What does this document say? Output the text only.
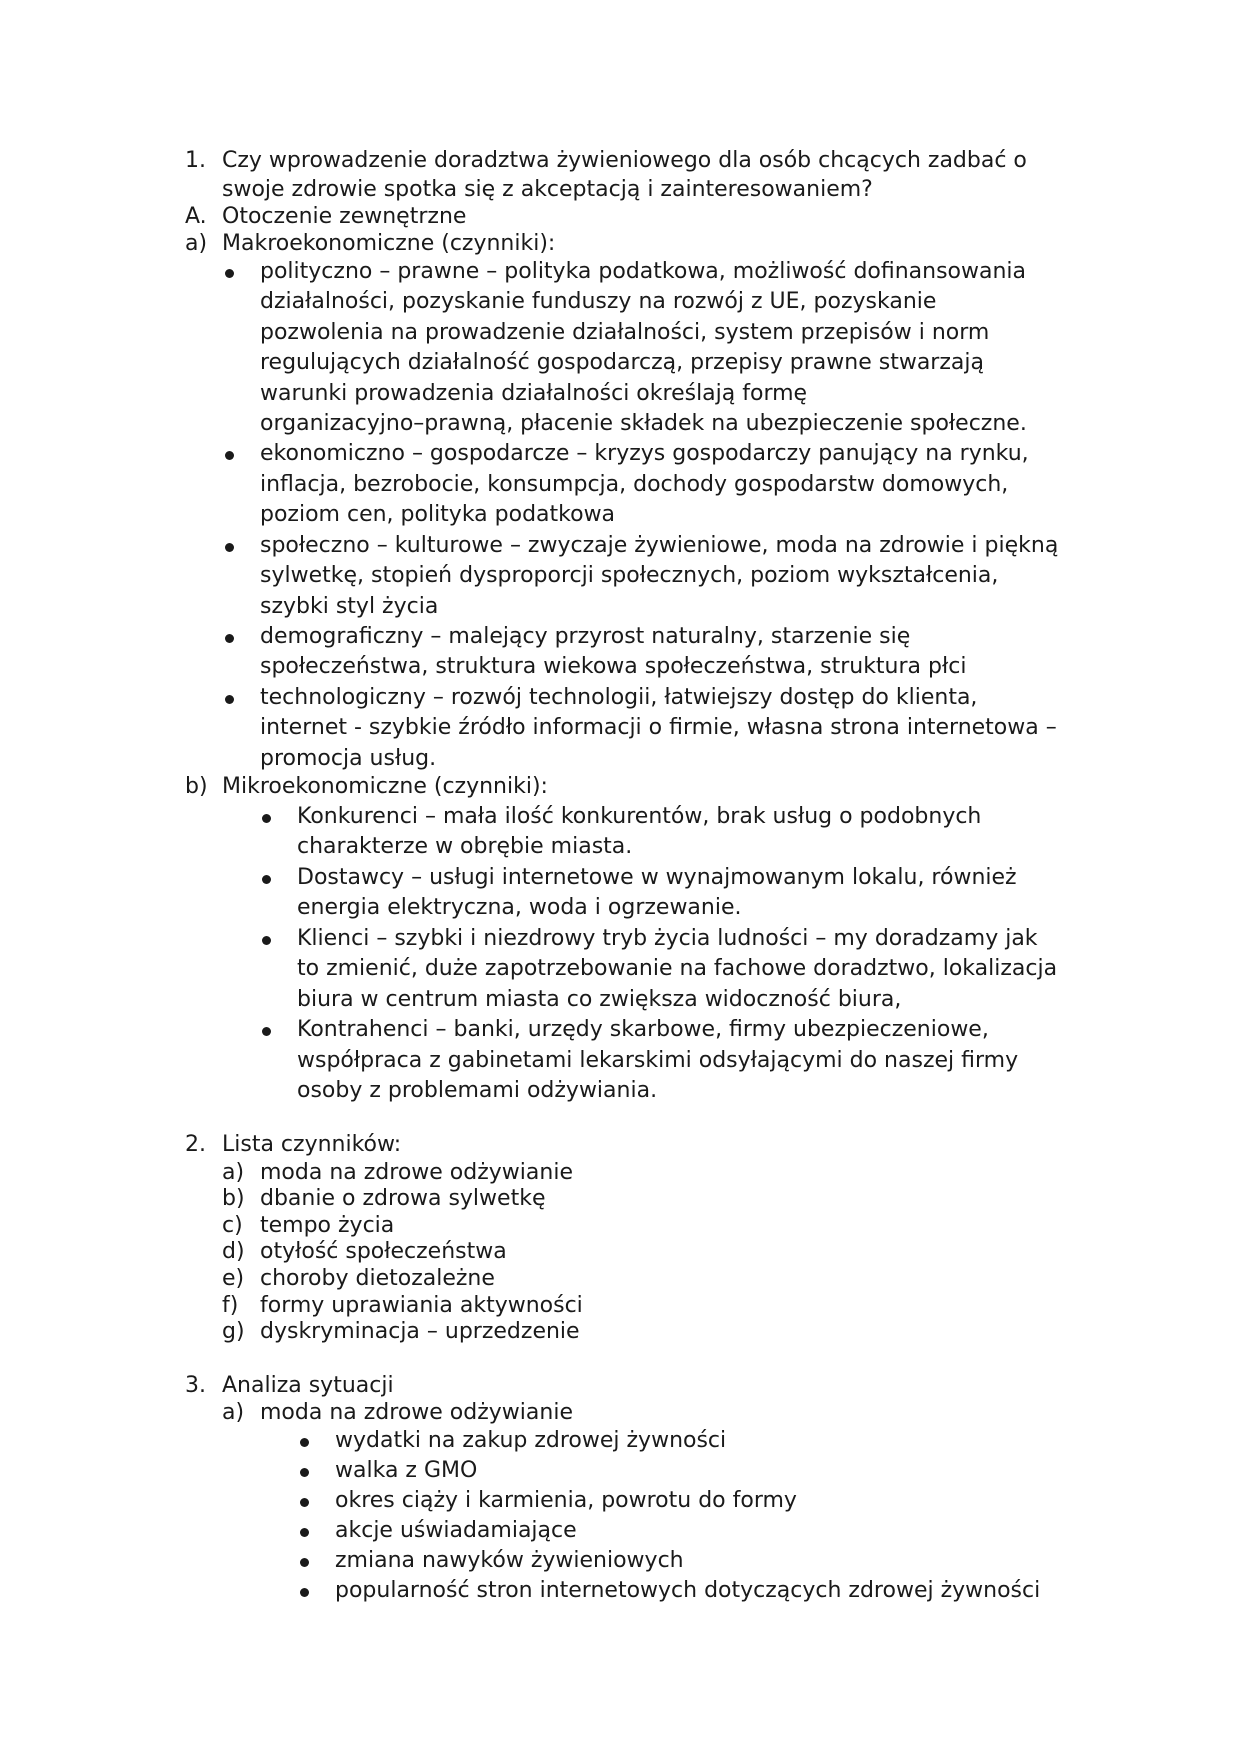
1. Czy wprowadzenie doradztwa żywieniowego dla osób chcących zadbać o
swoje zdrowie spotka się z akceptacją i zainteresowaniem?
A. Otoczenie zewnętrzne
a) Makroekonomiczne (czynniki):
polityczno – prawne – polityka podatkowa, możliwość dofinansowania
działalności, pozyskanie funduszy na rozwój z UE, pozyskanie
pozwolenia na prowadzenie działalności, system przepisów i norm
regulujących działalność gospodarczą, przepisy prawne stwarzają
warunki prowadzenia działalności określają formę
organizacyjno–prawną, płacenie składek na ubezpieczenie społeczne.
ekonomiczno – gospodarcze – kryzys gospodarczy panujący na rynku,
inflacja, bezrobocie, konsumpcja, dochody gospodarstw domowych,
poziom cen, polityka podatkowa
społeczno – kulturowe – zwyczaje żywieniowe, moda na zdrowie i piękną
sylwetkę, stopień dysproporcji społecznych, poziom wykształcenia,
szybki styl życia
demograficzny – malejący przyrost naturalny, starzenie się
społeczeństwa, struktura wiekowa społeczeństwa, struktura płci
technologiczny – rozwój technologii, łatwiejszy dostęp do klienta,
internet - szybkie źródło informacji o firmie, własna strona internetowa –
promocja usług.
b) Mikroekonomiczne (czynniki):
Konkurenci – mała ilość konkurentów, brak usług o podobnych
charakterze w obrębie miasta.
Dostawcy – usługi internetowe w wynajmowanym lokalu, również
energia elektryczna, woda i ogrzewanie.
Klienci – szybki i niezdrowy tryb życia ludności – my doradzamy jak
to zmienić, duże zapotrzebowanie na fachowe doradztwo, lokalizacja
biura w centrum miasta co zwiększa widoczność biura,
Kontrahenci – banki, urzędy skarbowe, firmy ubezpieczeniowe,
współpraca z gabinetami lekarskimi odsyłającymi do naszej firmy
osoby z problemami odżywiania.
2. Lista czynników:
a) moda na zdrowe odżywianie
b) dbanie o zdrowa sylwetkę
c) tempo życia
d) otyłość społeczeństwa
e) choroby dietozależne
f) formy uprawiania aktywności
g) dyskryminacja – uprzedzenie
3. Analiza sytuacji
a) moda na zdrowe odżywianie
wydatki na zakup zdrowej żywności
walka z GMO
okres ciąży i karmienia, powrotu do formy
akcje uświadamiające
zmiana nawyków żywieniowych
popularność stron internetowych dotyczących zdrowej żywności
